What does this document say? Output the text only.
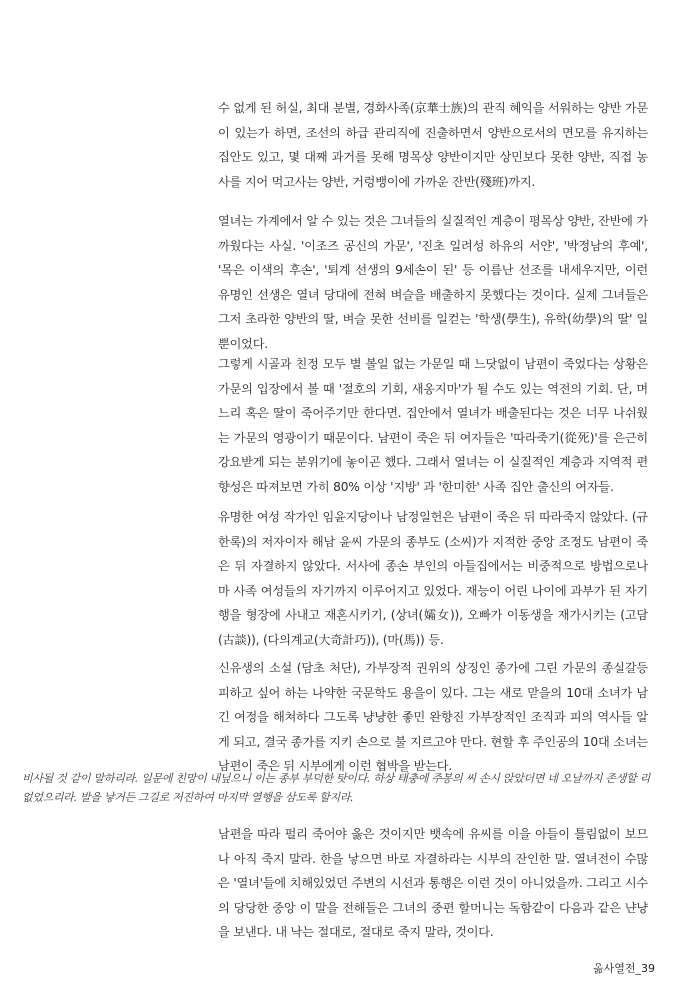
수 없게 된 허실, 최대 분별, 경화사족(京華士族)의 관직 혜익을 서워하는 양반 가문이 있는가 하면, 조선의 하급 관리직에 진출하면서 양반으로서의 면모를 유지하는 집안도 있고, 몇 대째 과거를 못해 명목상 양반이지만 상민보다 못한 양반, 직접 농사를 지어 먹고사는 양반, 거렁뱅이에 가까운 잔반(殘班)까지.

열녀는 가계에서 알 수 있는 것은 그녀들의 실질적인 계층이 평목상 양반, 잔반에 가까웠다는 사실. '이조즈 공신의 가문', '진초 일려성 하유의 서얀', '박정남의 후예', '목은 이색의 후손', '퇴계 선생의 9세손이 된' 등 이름난 선조를 내세우지만, 이런 유명인 선생은 열녀 당대에 전혀 벼슬을 배출하지 못했다는 것이다. 실제 그녀들은 그저 초라한 양반의 딸, 벼슬 못한 선비를 일컫는 '학생(學生), 유학(幼學)의 딸' 일 뿐이었다.

그렇게 시골과 친정 모두 별 볼일 없는 가문일 때 느닷없이 남편이 죽었다는 상황은 가문의 입장에서 볼 때 '절호의 기회, 새옹지마'가 될 수도 있는 역전의 기회. 단, 며느리 혹은 딸이 죽어주기만 한다면. 집안에서 열녀가 배출된다는 것은 너무 나쉬웠는 가문의 영광이기 때문이다. 남편이 죽은 뒤 여자들은 '따라죽기(從死)'를 은근히 강요받게 되는 분위기에 놓이곤 했다. 그래서 열녀는 이 실질적인 계층과 지역적 편향성은 따져보면 가히 80% 이상 '지방' 과 '한미한' 사족 집안 출신의 여자들.

유명한 여성 작가인 임윤지당이나 남정일헌은 남편이 죽은 뒤 따라죽지 않았다. (규한록)의 저자이자 해남 윤씨 가문의 종부도 (소씨)가 지적한 중앙 조정도 남편이 죽은 뒤 자결하지 않았다. 서사에 종손 부인의 아들집에서는 비중적으로 방법으로나마 사족 여성들의 자기까지 이루어지고 있었다. 재능이 어린 나이에 과부가 된 자기 행을 형장에 사내고 재혼시키기, (상녀(孀女)), 오빠가 이동생을 재가시키는 (고담(古談)), (다의계교(大奇計巧)), (마(馬)) 등.

신유생의 소설 (담초 처단), 가부장적 권위의 상징인 종가에 그린 가문의 종실갈등 피하고 싶어 하는 나약한 국문학도 용을이 있다. 그는 새로 맏을의 10대 소녀가 남긴 여정을 해쳐하다 그도록 냥냥한 좋민 완향진 가부장적인 조직과 피의 역사들 알게 되고, 결국 종가를 지키 손으로 불 지르고야 만다. 현할 후 주인공의 10대 소녀는 남편이 죽은 뒤 시부에게 이런 협박을 받는다.

비사될 것 같이 말하리라. 일문에 친망이 내닢으니 이는 종부 부덕한 탓이다. 하상 태충에 주봉의 씨 손시 앉았더면 네 오날까지 존생할 리 없었으리라. 발을 낳거든 그길로 저진하여 마지막 열행을 삼도록 할지라.

남편을 따라 펄리 죽어야 옳은 것이지만 뱃속에 유씨를 이을 아들이 틀림없이 보므나 아직 죽지 말라. 한을 낳으면 바로 자결하라는 시부의 잔인한 말. 열녀전이 수많은 '열녀'들에 치해있었던 주변의 시선과 통행은 이런 것이 아니었을까. 그리고 시수의 당당한 중앙 이 말을 전해들은 그녀의 중편 할머니는 독함같이 다음과 같은 냔냥을 보낸다. 내 낙는 절대로, 절대로 죽지 말라, 것이다.

옮사열전_39
